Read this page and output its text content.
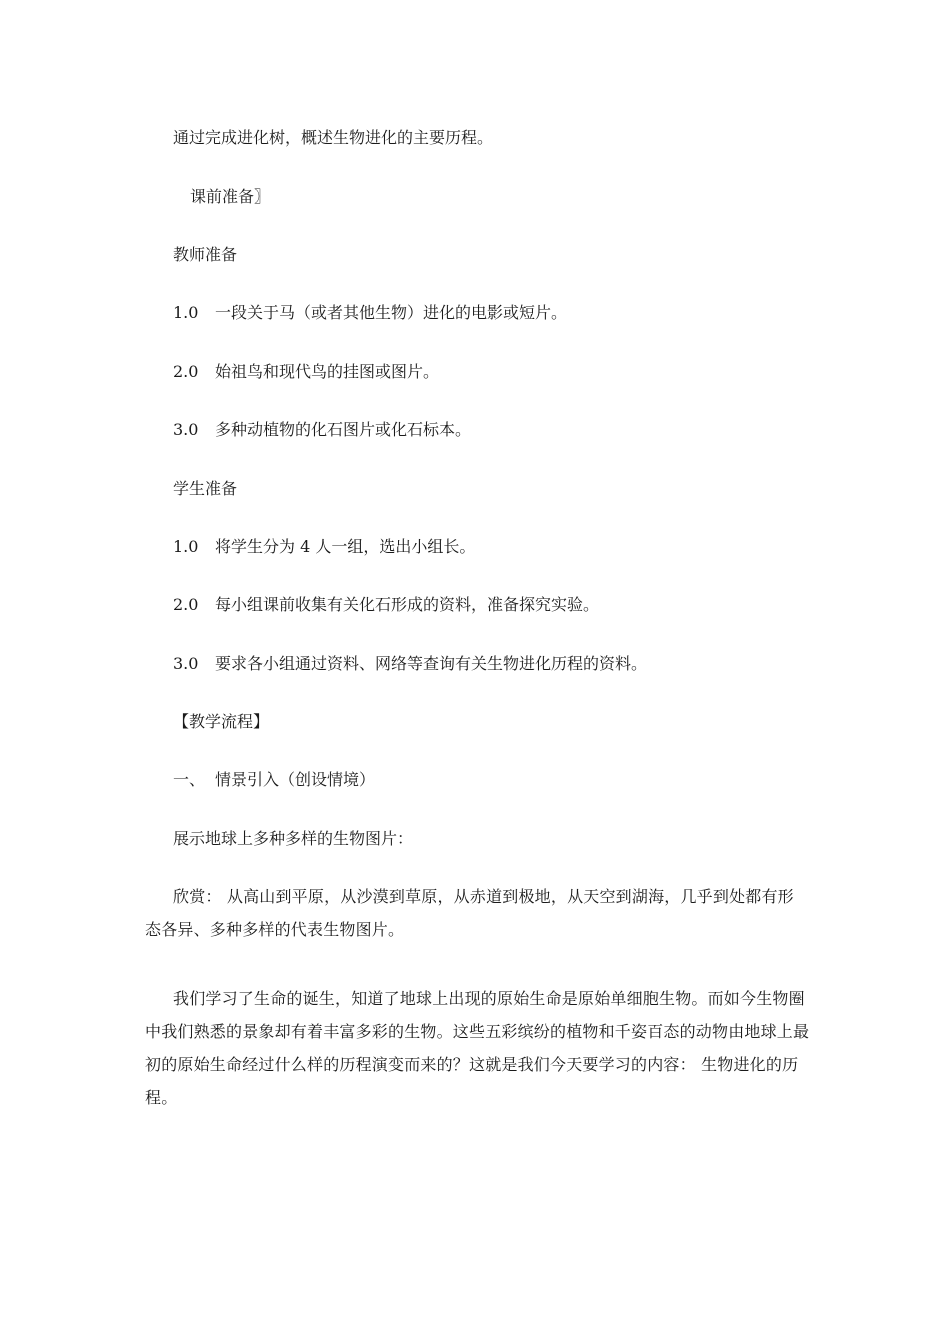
通过完成进化树，概述生物进化的主要历程。

课前准备〗

教师准备

1.0 一段关于马（或者其他生物）进化的电影或短片。

2.0 始祖鸟和现代鸟的挂图或图片。

3.0 多种动植物的化石图片或化石标本。

学生准备

1.0 将学生分为 4 人一组，选出小组长。

2.0 每小组课前收集有关化石形成的资料，准备探究实验。

3.0 要求各小组通过资料、网络等查询有关生物进化历程的资料。

【教学流程】

一、 情景引入（创设情境）

展示地球上多种多样的生物图片：

欣赏： 从高山到平原，从沙漠到草原，从赤道到极地，从天空到湖海，几乎到处都有形态各异、多种多样的代表生物图片。

我们学习了生命的诞生，知道了地球上出现的原始生命是原始单细胞生物。而如今生物圈中我们熟悉的景象却有着丰富多彩的生物。这些五彩缤纷的植物和千姿百态的动物由地球上最初的原始生命经过什么样的历程演变而来的？这就是我们今天要学习的内容： 生物进化的历程。
